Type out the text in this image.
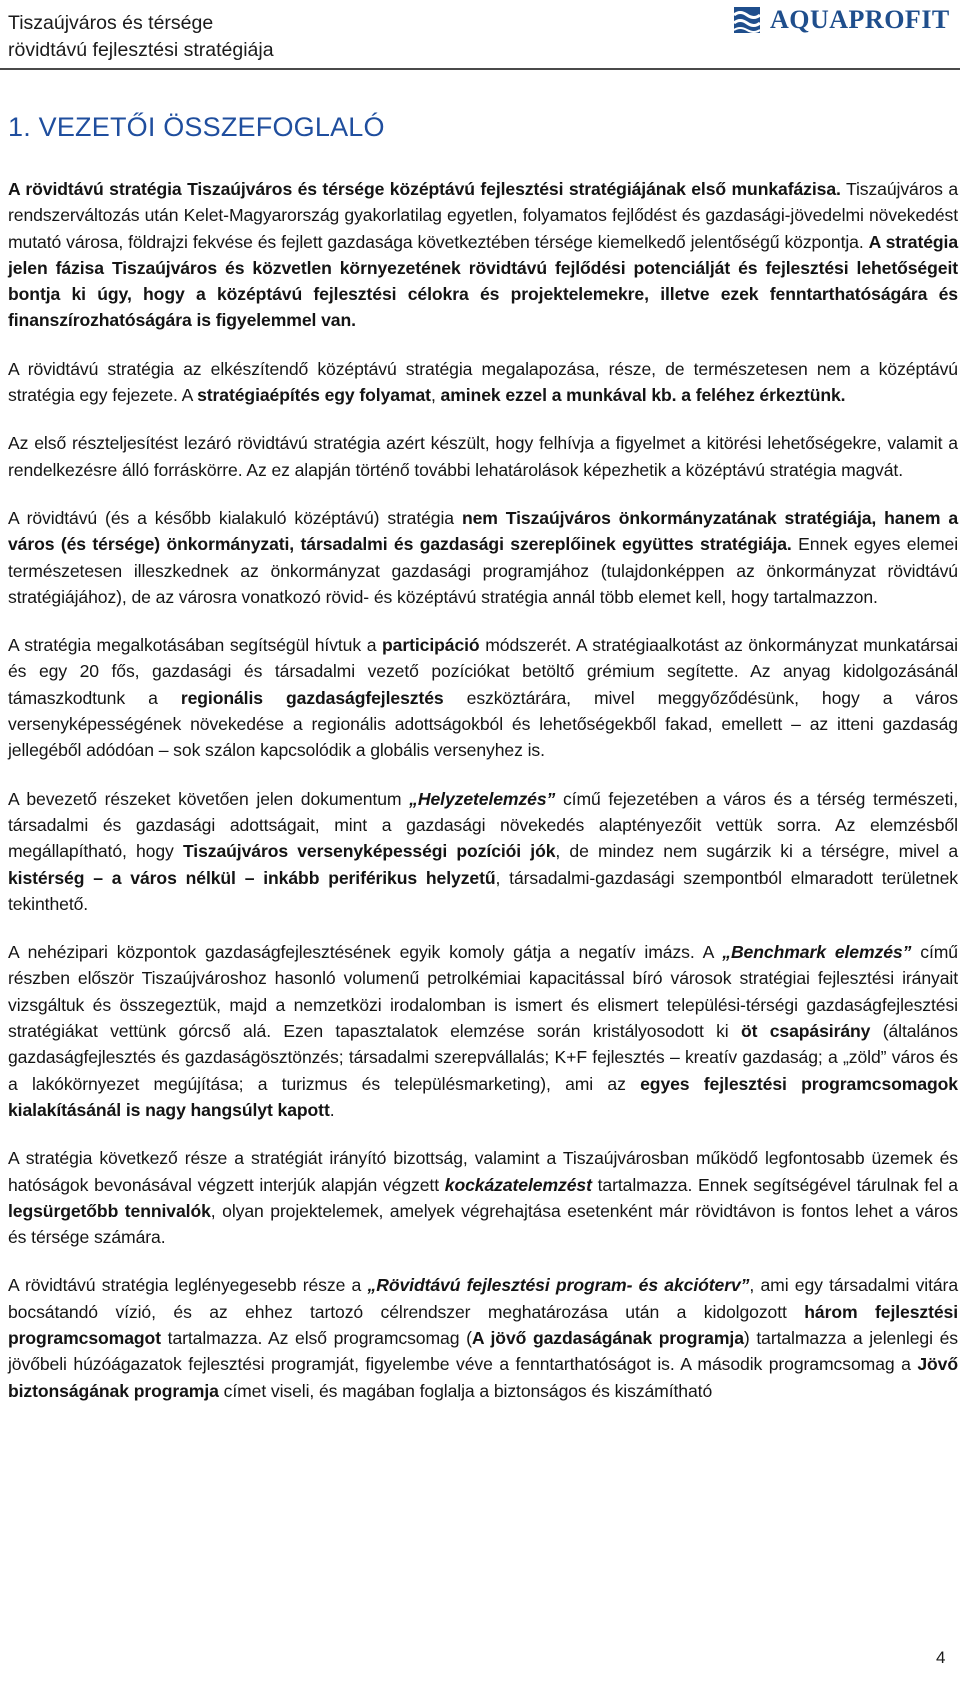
Tiszaújváros és térsége
rövidtávú fejlesztési stratégiája
AQUAPROFIT
1. VEZETŐI ÖSSZEFOGLALÓ

A rövidtávú stratégia Tiszaújváros és térsége középtávú fejlesztési stratégiájának első munkafázisa. Tiszaújváros a rendszerváltozás után Kelet-Magyarország gyakorlatilag egyetlen, folyamatos fejlődést és gazdasági-jövedelmi növekedést mutató városa, földrajzi fekvése és fejlett gazdasága következtében térsége kiemelkedő jelentőségű központja. A stratégia jelen fázisa Tiszaújváros és közvetlen környezetének rövidtávú fejlődési potenciálját és fejlesztési lehetőségeit bontja ki úgy, hogy a középtávú fejlesztési célokra és projektelemekre, illetve ezek fenntarthatóságára és finanszírozhatóságára is figyelemmel van.

A rövidtávú stratégia az elkészítendő középtávú stratégia megalapozása, része, de természetesen nem a középtávú stratégia egy fejezete. A stratégiaépítés egy folyamat, aminek ezzel a munkával kb. a feléhez érkeztünk.

Az első részteljesítést lezáró rövidtávú stratégia azért készült, hogy felhívja a figyelmet a kitörési lehetőségekre, valamit a rendelkezésre álló forráskörre. Az ez alapján történő további lehatárolások képezhetik a középtávú stratégia magvát.

A rövidtávú (és a később kialakuló középtávú) stratégia nem Tiszaújváros önkormányzatának stratégiája, hanem a város (és térsége) önkormányzati, társadalmi és gazdasági szereplőinek együttes stratégiája. Ennek egyes elemei természetesen illeszkednek az önkormányzat gazdasági programjához (tulajdonképpen az önkormányzat rövidtávú stratégiájához), de az városra vonatkozó rövid- és középtávú stratégia annál több elemet kell, hogy tartalmazzon.

A stratégia megalkotásában segítségül hívtuk a participáció módszerét. A stratégiaalkotást az önkormányzat munkatársai és egy 20 fős, gazdasági és társadalmi vezető pozíciókat betöltő grémium segítette. Az anyag kidolgozásánál támaszkodtunk a regionális gazdaságfejlesztés eszköztárára, mivel meggyőződésünk, hogy a város versenyképességének növekedése a regionális adottságokból és lehetőségekből fakad, emellett – az itteni gazdaság jellegéből adódóan – sok szálon kapcsolódik a globális versenyhez is.

A bevezető részeket követően jelen dokumentum „Helyzetelemzés” című fejezetében a város és a térség természeti, társadalmi és gazdasági adottságait, mint a gazdasági növekedés alaptényezőit vettük sorra. Az elemzésből megállapítható, hogy Tiszaújváros versenyképességi pozíciói jók, de mindez nem sugárzik ki a térségre, mivel a kistérség – a város nélkül – inkább periférikus helyzetű, társadalmi-gazdasági szempontból elmaradott területnek tekinthető.

A nehézipari központok gazdaságfejlesztésének egyik komoly gátja a negatív imázs. A „Benchmark elemzés” című részben először Tiszaújvároshoz hasonló volumenű petrolkémiai kapacitással bíró városok stratégiai fejlesztési irányait vizsgáltuk és összegeztük, majd a nemzetközi irodalomban is ismert és elismert települési-térségi gazdaságfejlesztési stratégiákat vettünk górcső alá. Ezen tapasztalatok elemzése során kristályosodott ki öt csapásirány (általános gazdaságfejlesztés és gazdaságösztönzés; társadalmi szerepvállalás; K+F fejlesztés – kreatív gazdaság; a „zöld” város és a lakókörnyezet megújítása; a turizmus és településmarketing), ami az egyes fejlesztési programcsomagok kialakításánál is nagy hangsúlyt kapott.

A stratégia következő része a stratégiát irányító bizottság, valamint a Tiszaújvárosban működő legfontosabb üzemek és hatóságok bevonásával végzett interjúk alapján végzett kockázatelemzést tartalmazza. Ennek segítségével tárulnak fel a legsürgetőbb tennivalók, olyan projektelemek, amelyek végrehajtása esetenként már rövidtávon is fontos lehet a város és térsége számára.

A rövidtávú stratégia leglényegesebb része a „Rövidtávú fejlesztési program- és akcióterv”, ami egy társadalmi vitára bocsátandó vízió, és az ehhez tartozó célrendszer meghatározása után a kidolgozott három fejlesztési programcsomagot tartalmazza. Az első programcsomag (A jövő gazdaságának programja) tartalmazza a jelenlegi és jövőbeli húzóágazatok fejlesztési programját, figyelembe véve a fenntarthatóságot is. A második programcsomag a Jövő biztonságának programja címet viseli, és magában foglalja a biztonságos és kiszámítható

4
